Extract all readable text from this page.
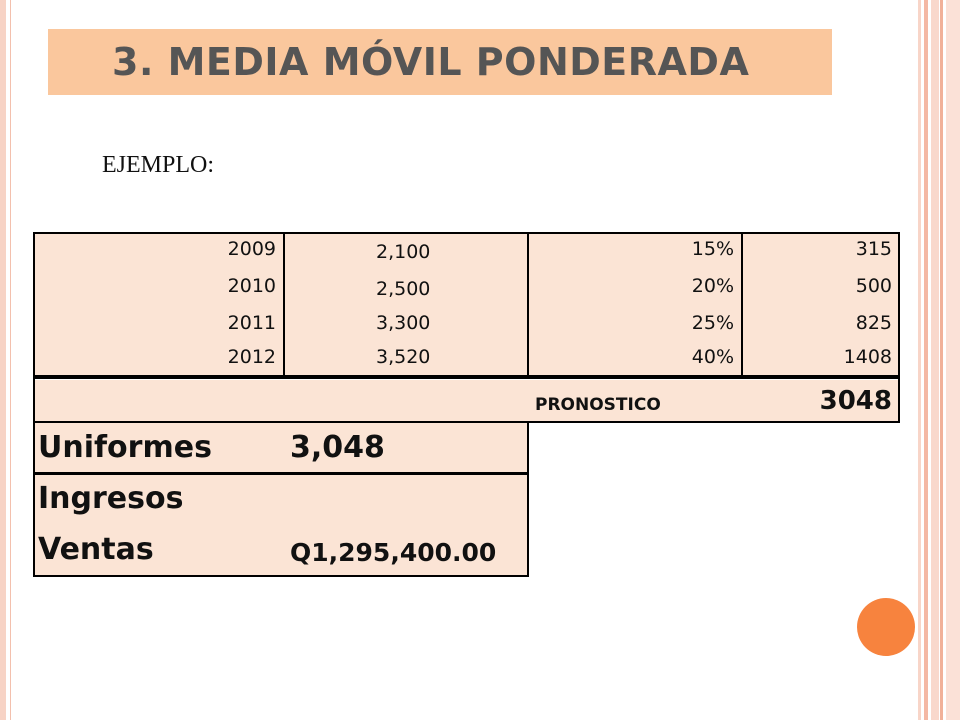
3. MEDIA MÓVIL PONDERADA
EJEMPLO:
2009	2,100	15%	315
2010	2,500	20%	500
2011	3,300	25%	825
2012	3,520	40%	1408
PRONOSTICO	3048
Uniformes	3,048
Ingresos
Ventas	Q1,295,400.00
